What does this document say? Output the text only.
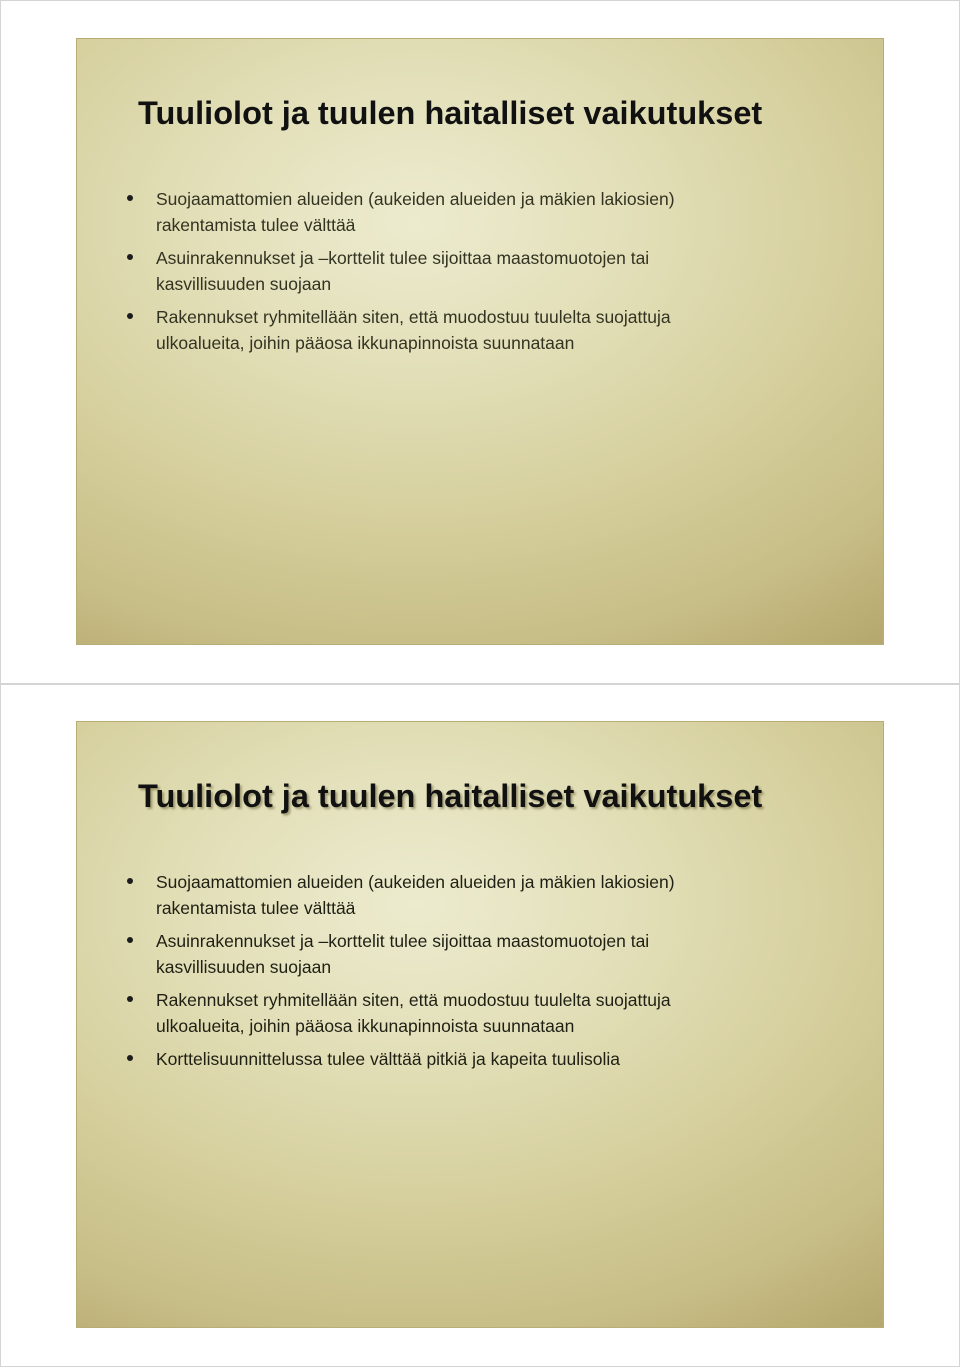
Tuuliolot ja tuulen haitalliset vaikutukset
Suojaamattomien alueiden (aukeiden alueiden ja mäkien lakiosien)
rakentamista tulee välttää
Asuinrakennukset ja –korttelit tulee sijoittaa maastomuotojen tai
kasvillisuuden suojaan
Rakennukset ryhmitellään siten, että muodostuu tuulelta suojattuja
ulkoalueita, joihin pääosa ikkunapinnoista suunnataan
Tuuliolot ja tuulen haitalliset vaikutukset
Suojaamattomien alueiden (aukeiden alueiden ja mäkien lakiosien)
rakentamista tulee välttää
Asuinrakennukset ja –korttelit tulee sijoittaa maastomuotojen tai
kasvillisuuden suojaan
Rakennukset ryhmitellään siten, että muodostuu tuulelta suojattuja
ulkoalueita, joihin pääosa ikkunapinnoista suunnataan
Korttelisuunnittelussa tulee välttää pitkiä ja kapeita tuulisolia
